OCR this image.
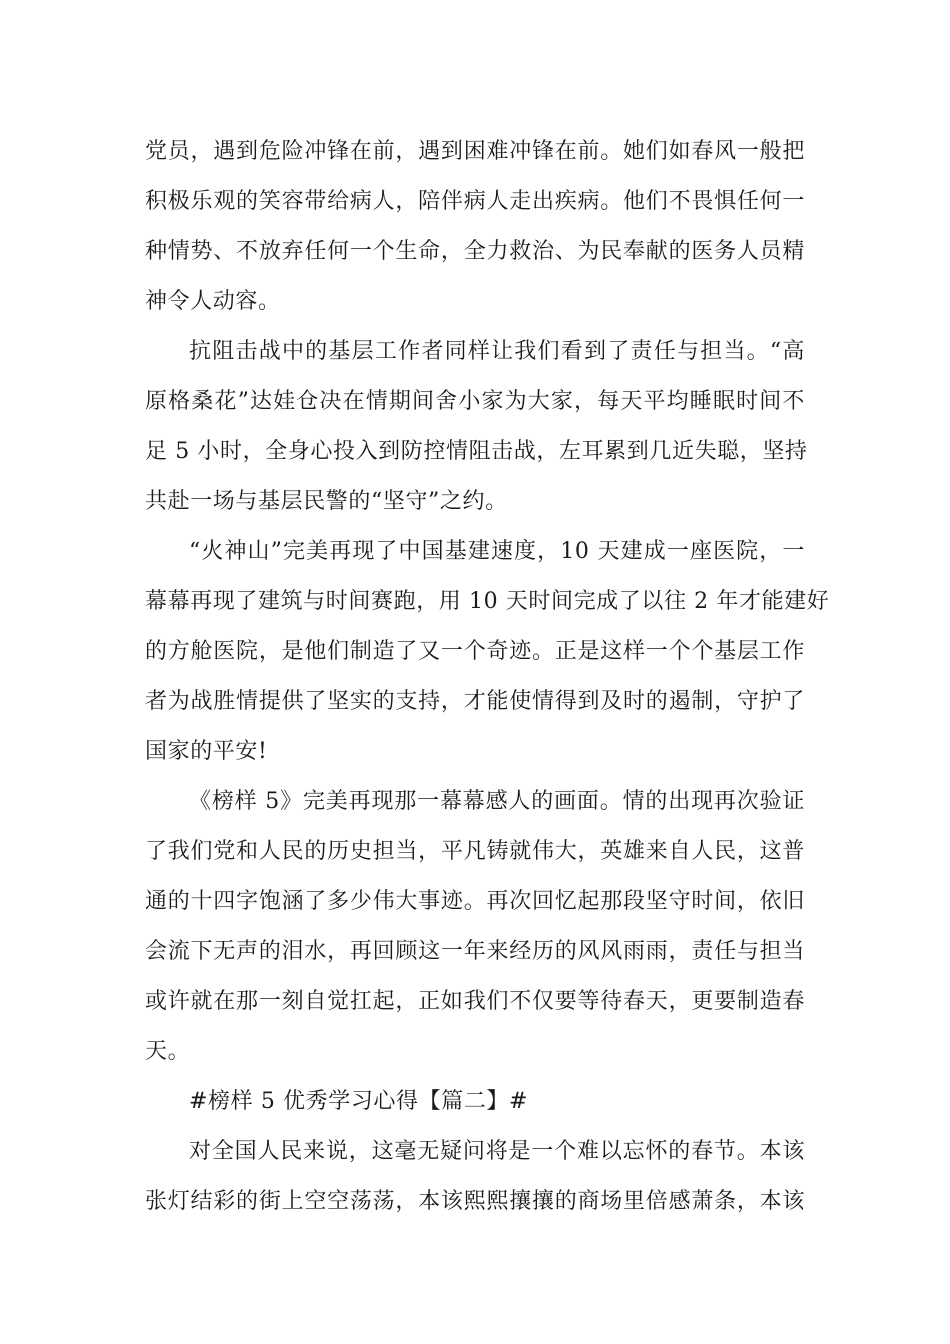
党员，遇到危险冲锋在前，遇到困难冲锋在前。她们如春风一般把
积极乐观的笑容带给病人，陪伴病人走出疾病。他们不畏惧任何一
种情势、不放弃任何一个生命，全力救治、为民奉献的医务人员精
神令人动容。

抗阻击战中的基层工作者同样让我们看到了责任与担当。“高
原格桑花”达娃仓决在情期间舍小家为大家，每天平均睡眠时间不
足 5 小时，全身心投入到防控情阻击战，左耳累到几近失聪，坚持
共赴一场与基层民警的“坚守”之约。

“火神山”完美再现了中国基建速度，10 天建成一座医院，一
幕幕再现了建筑与时间赛跑，用 10 天时间完成了以往 2 年才能建好
的方舱医院，是他们制造了又一个奇迹。正是这样一个个基层工作
者为战胜情提供了坚实的支持，才能使情得到及时的遏制，守护了
国家的平安!

《榜样 5》完美再现那一幕幕感人的画面。情的出现再次验证
了我们党和人民的历史担当，平凡铸就伟大，英雄来自人民，这普
通的十四字饱涵了多少伟大事迹。再次回忆起那段坚守时间，依旧
会流下无声的泪水，再回顾这一年来经历的风风雨雨，责任与担当
或许就在那一刻自觉扛起，正如我们不仅要等待春天，更要制造春
天。

#榜样 5 优秀学习心得【篇二】#

对全国人民来说，这毫无疑问将是一个难以忘怀的春节。本该
张灯结彩的街上空空荡荡，本该熙熙攘攘的商场里倍感萧条，本该
